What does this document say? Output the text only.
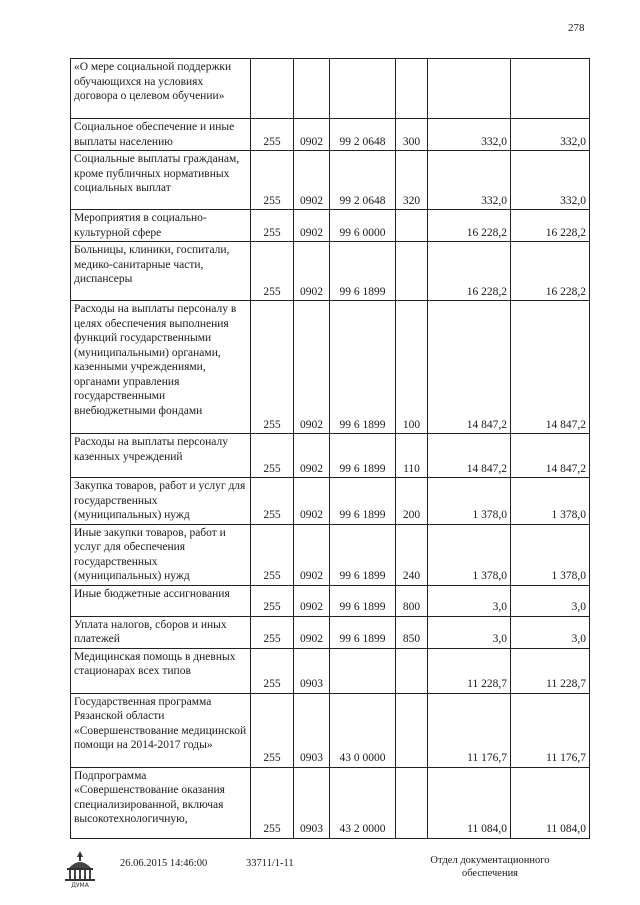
278
«О мере социальной поддержки обучающихся на условиях договора о целевом обучении»						
Социальное обеспечение и иные выплаты населению	255	0902	99 2 0648	300	332,0	332,0
Социальные выплаты гражданам, кроме публичных нормативных социальных выплат	255	0902	99 2 0648	320	332,0	332,0
Мероприятия в социально-культурной сфере	255	0902	99 6 0000		16 228,2	16 228,2
Больницы, клиники, госпитали, медико-санитарные части, диспансеры	255	0902	99 6 1899		16 228,2	16 228,2
Расходы на выплаты персоналу в целях обеспечения выполнения функций государственными (муниципальными) органами, казенными учреждениями, органами управления государственными внебюджетными фондами	255	0902	99 6 1899	100	14 847,2	14 847,2
Расходы на выплаты персоналу казенных учреждений	255	0902	99 6 1899	110	14 847,2	14 847,2
Закупка товаров, работ и услуг для государственных (муниципальных) нужд	255	0902	99 6 1899	200	1 378,0	1 378,0
Иные закупки товаров, работ и услуг для обеспечения государственных (муниципальных) нужд	255	0902	99 6 1899	240	1 378,0	1 378,0
Иные бюджетные ассигнования	255	0902	99 6 1899	800	3,0	3,0
Уплата налогов, сборов и иных платежей	255	0902	99 6 1899	850	3,0	3,0
Медицинская помощь в дневных стационарах всех типов	255	0903			11 228,7	11 228,7
Государственная программа Рязанской области «Совершенствование медицинской помощи на 2014-2017 годы»	255	0903	43 0 0000		11 176,7	11 176,7
Подпрограмма «Совершенствование оказания специализированной, включая высокотехнологичную,	255	0903	43 2 0000		11 084,0	11 084,0
ДУМА
26.06.2015 14:46:00	33711/1-11	Отдел документационного обеспечения
